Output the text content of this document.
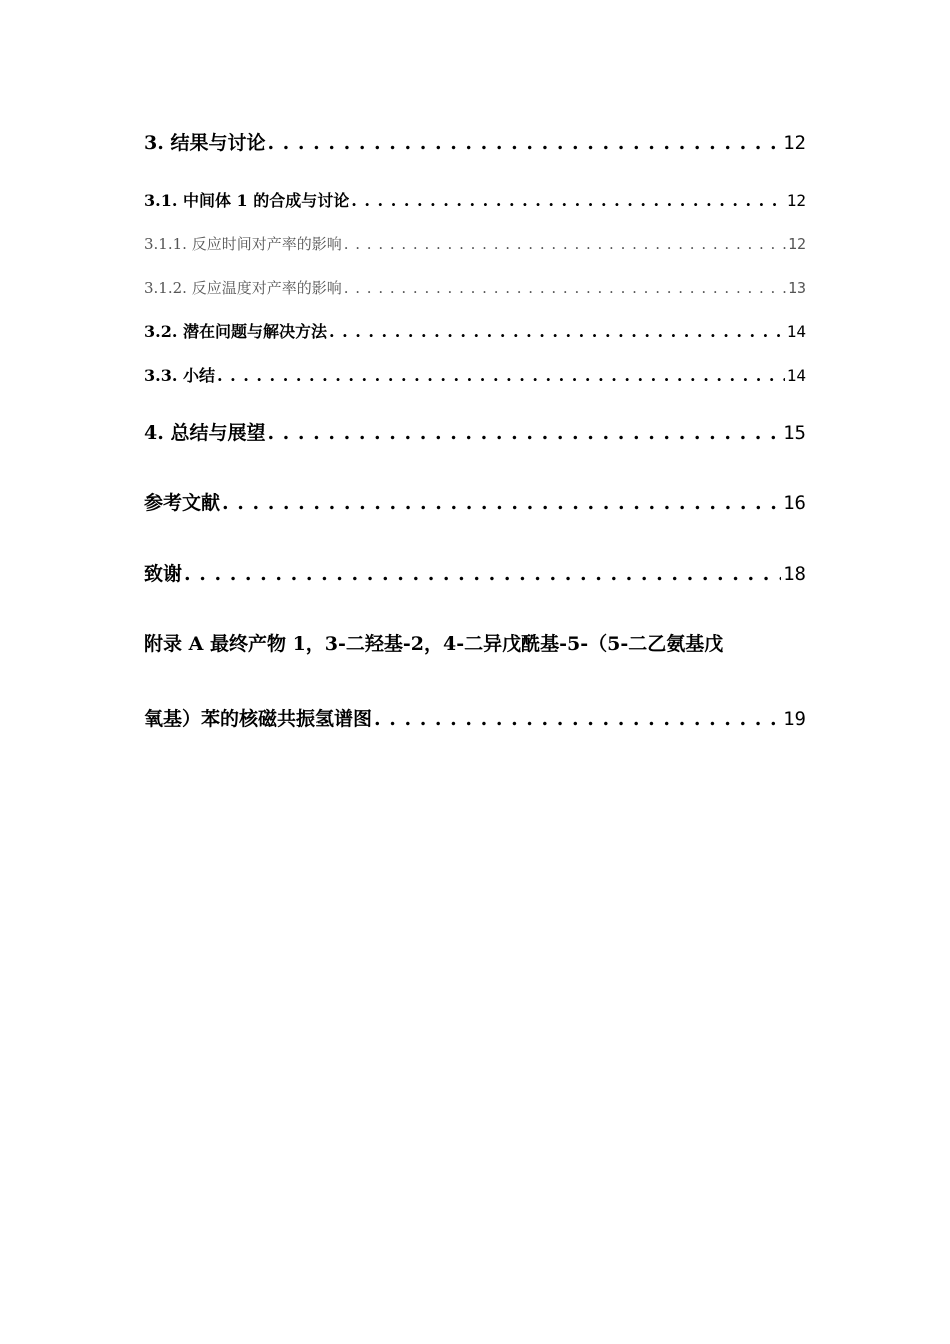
3. 结果与讨论 . . .	12
3.1. 中间体 1 的合成与讨论 . . .	12
3.1.1. 反应时间对产率的影响 . . .	12
3.1.2. 反应温度对产率的影响 . . .	13
3.2. 潜在问题与解决方法 . . .	14
3.3. 小结 . . .	14
4. 总结与展望 . . .	15
参考文献 . . .	16
致谢 . . .	18
附录 A 最终产物 1，3-二羟基-2，4-二异戊酰基-5-（5-二乙氨基戊
氧基）苯的核磁共振氢谱图 . . .	19
